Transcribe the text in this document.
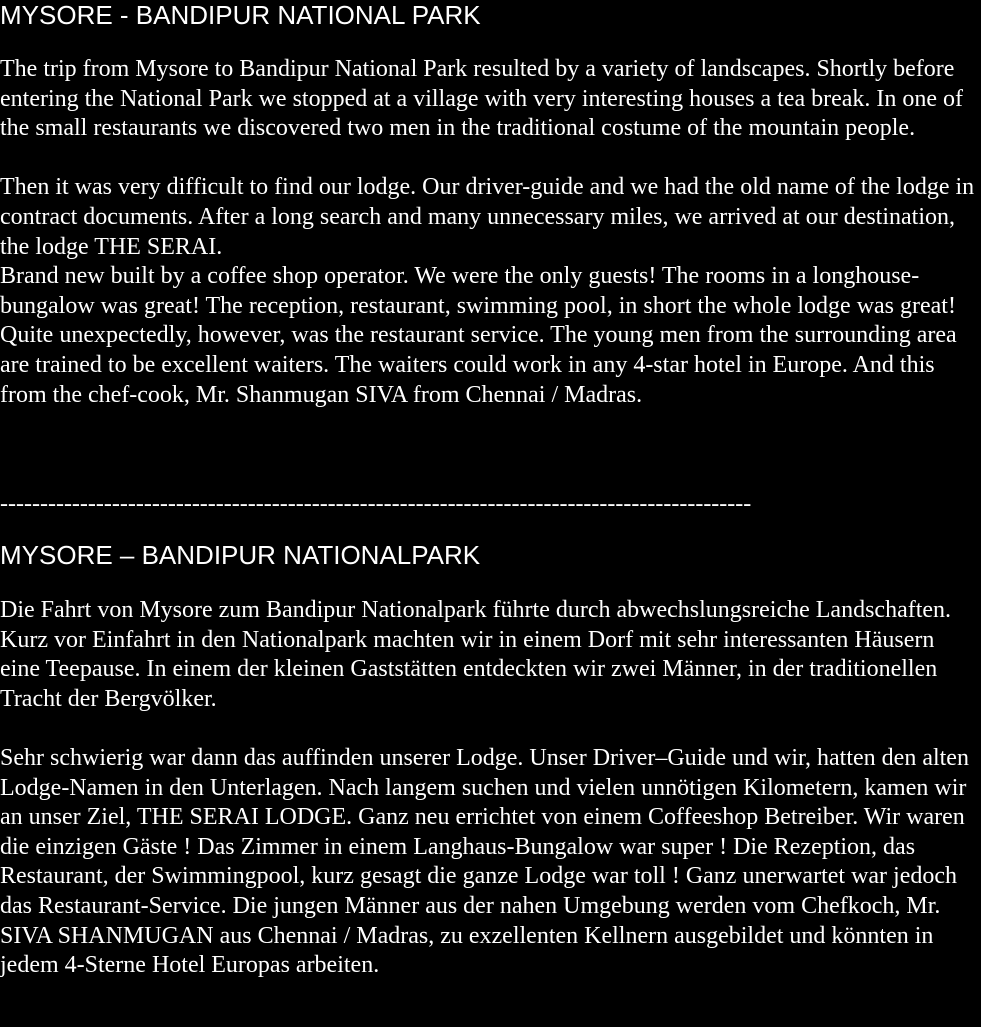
MYSORE - BANDIPUR NATIONAL PARK

The trip from Mysore to Bandipur National Park resulted by a variety of landscapes. Shortly before entering the National Park we stopped at a village with very interesting houses a tea break. In one of the small restaurants we discovered two men in the traditional costume of the mountain people.

Then it was very difficult to find our lodge. Our driver-guide and we had the old name of the lodge in contract documents. After a long search and many unnecessary miles, we arrived at our destination, the lodge THE SERAI.

Brand new built by a coffee shop operator. We were the only guests! The rooms in a longhouse-bungalow was great! The reception, restaurant, swimming pool, in short the whole lodge was great! Quite unexpectedly, however, was the restaurant service. The young men from the surrounding area are trained to be excellent waiters. The waiters could work in any 4-star hotel in Europe. And this from the chef-cook, Mr. Shanmugan SIVA from Chennai / Madras.

----------------------------------------------------------------------------------------------
MYSORE – BANDIPUR NATIONALPARK

Die Fahrt von Mysore zum Bandipur Nationalpark führte durch abwechslungsreiche Landschaften. Kurz vor Einfahrt in den Nationalpark machten wir in einem Dorf mit sehr interessanten Häusern eine Teepause. In einem der kleinen Gaststätten entdeckten wir zwei Männer, in der traditionellen Tracht der Bergvölker.

Sehr schwierig war dann das auffinden unserer Lodge. Unser Driver–Guide und wir, hatten den alten Lodge-Namen in den Unterlagen. Nach langem suchen und vielen unnötigen Kilometern, kamen wir an unser Ziel, THE SERAI LODGE. Ganz neu errichtet von einem Coffeeshop Betreiber. Wir waren die einzigen Gäste ! Das Zimmer in einem Langhaus-Bungalow war super ! Die Rezeption, das Restaurant, der Swimmingpool, kurz gesagt die ganze Lodge war toll ! Ganz unerwartet war jedoch das Restaurant-Service. Die jungen Männer aus der nahen Umgebung werden vom Chefkoch, Mr. SIVA SHANMUGAN aus Chennai / Madras, zu exzellenten Kellnern ausgebildet und könnten in jedem 4-Sterne Hotel Europas arbeiten.
